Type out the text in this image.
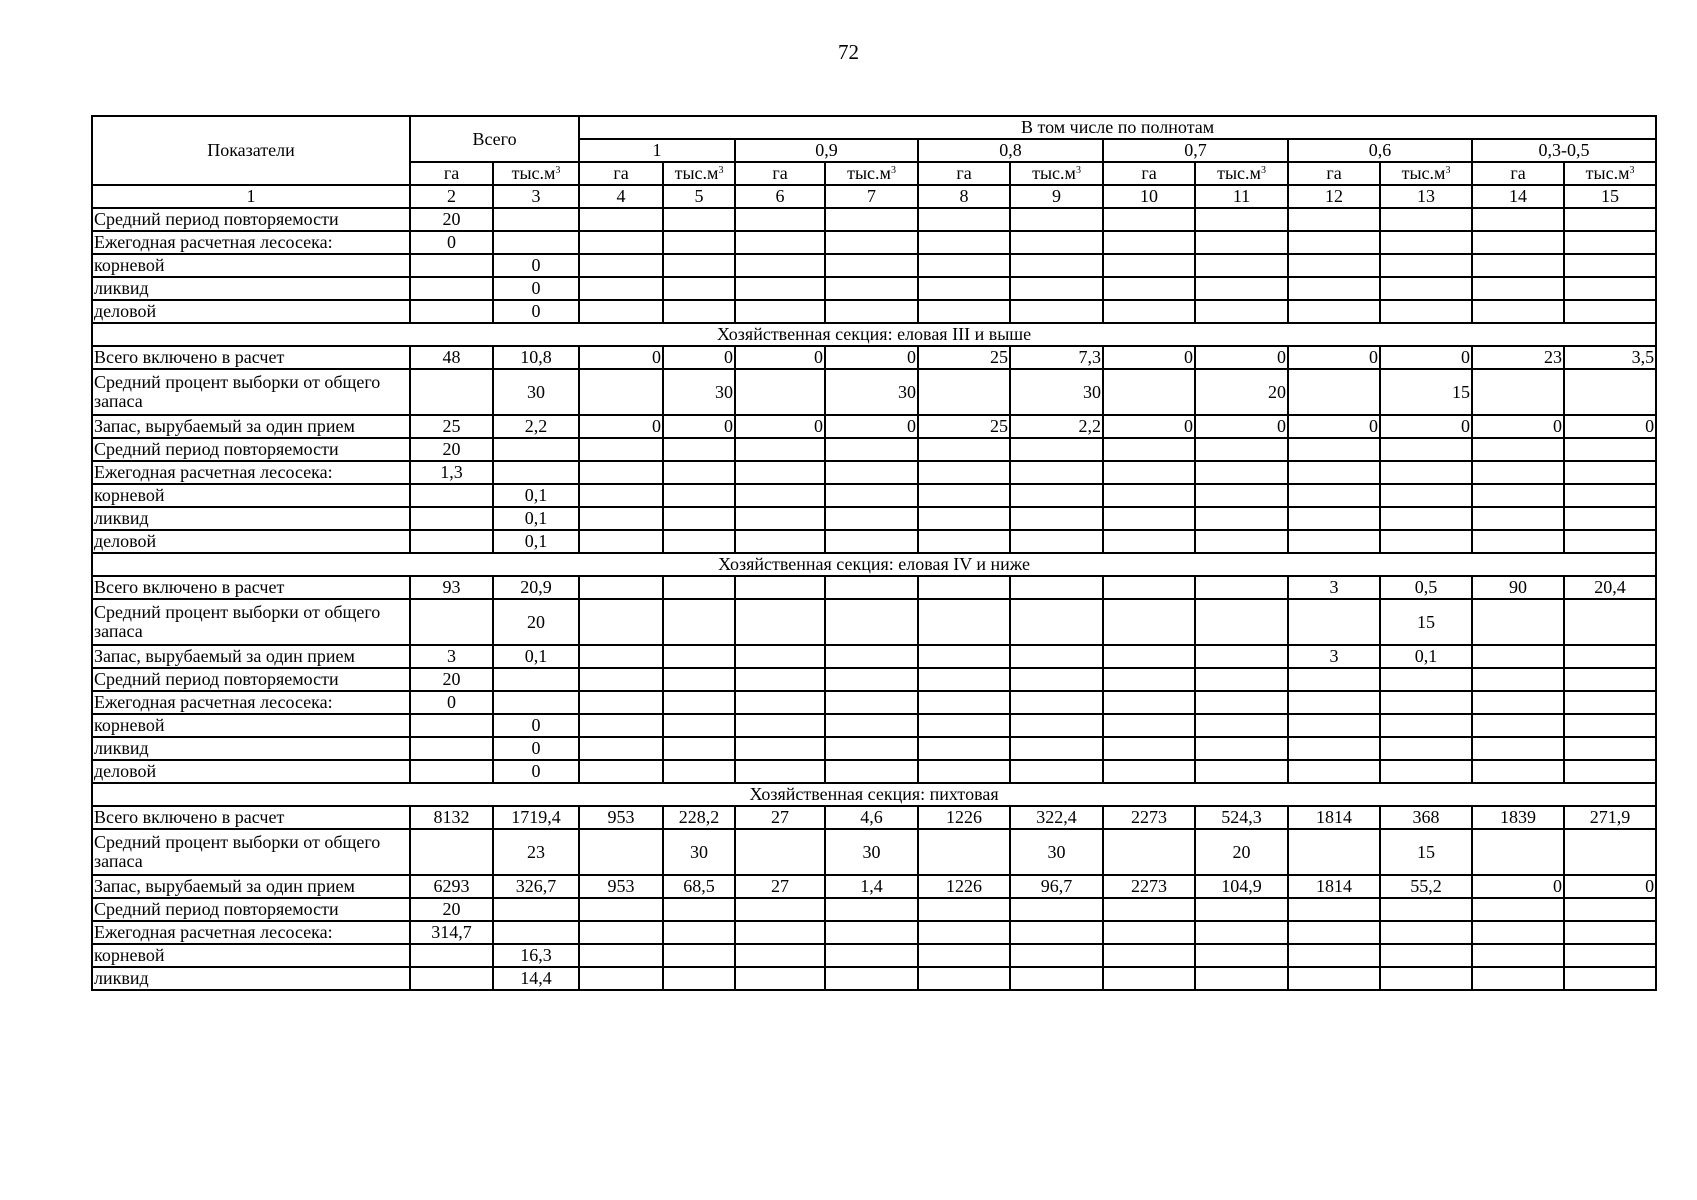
72
Показатели	Всего		В том числе по полнотам											
			1		0,9		0,8		0,7		0,6		0,3-0,5	
	га	$тыс.м^3$	га	$тыс.м^3$	га	$тыс.м^3$	га	$тыс.м^3$	га	$тыс.м^3$	га	$тыс.м^3$	га	$тыс.м^3$
1	2	3	4	5	6	7	8	9	10	11	12	13	14	15
Средний период повторяемости	20													
Ежегодная расчетная лесосека:	0													
корневой		0												
ликвид		0												
деловой		0												
Хозяйственная секция: еловая III и выше														
Всего включено в расчет	48	10,8	0	0	0	0	25	7,3	0	0	0	0	23	3,5
Средний процент выборки от общего запаса		30		30		30		30		20		15		
Запас, вырубаемый за один прием	25	2,2	0	0	0	0	25	2,2	0	0	0	0	0	0
Средний период повторяемости	20													
Ежегодная расчетная лесосека:	1,3													
корневой		0,1												
ликвид		0,1												
деловой		0,1												
Хозяйственная секция: еловая IV и ниже														
Всего включено в расчет	93	20,9									3	0,5	90	20,4
Средний процент выборки от общего запаса		20										15		
Запас, вырубаемый за один прием	3	0,1									3	0,1		
Средний период повторяемости	20													
Ежегодная расчетная лесосека:	0													
корневой		0												
ликвид		0												
деловой		0												
Хозяйственная секция: пихтовая														
Всего включено в расчет	8132	1719,4	953	228,2	27	4,6	1226	322,4	2273	524,3	1814	368	1839	271,9
Средний процент выборки от общего запаса		23		30		30		30		20		15		
Запас, вырубаемый за один прием	6293	326,7	953	68,5	27	1,4	1226	96,7	2273	104,9	1814	55,2	0	0
Средний период повторяемости	20													
Ежегодная расчетная лесосека:	314,7													
корневой		16,3												
ликвид		14,4												
